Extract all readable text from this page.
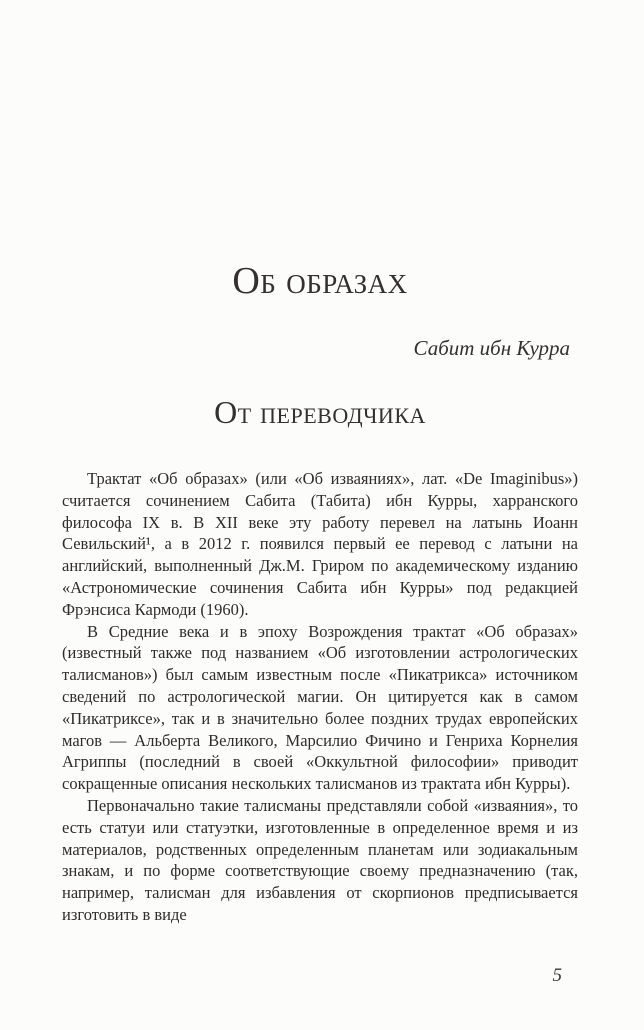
Об образах
Сабит ибн Курра
От переводчика

Трактат «Об образах» (или «Об изваяниях», лат. «De Imaginibus») считается сочинением Сабита (Табита) ибн Курры, харранского философа IX в. В XII веке эту работу перевел на латынь Иоанн Севильский¹, а в 2012 г. появился первый ее перевод с латыни на английский, выполненный Дж.М. Гриром по академическому изданию «Астрономические сочинения Сабита ибн Курры» под редакцией Фрэнсиса Кармоди (1960).

В Средние века и в эпоху Возрождения трактат «Об образах» (известный также под названием «Об изготовлении астрологических талисманов») был самым известным после «Пикатрикса» источником сведений по астрологической магии. Он цитируется как в самом «Пикатриксе», так и в значительно более поздних трудах европейских магов — Альберта Великого, Марсилио Фичино и Генриха Корнелия Агриппы (последний в своей «Оккультной философии» приводит сокращенные описания нескольких талисманов из трактата ибн Курры).

Первоначально такие талисманы представляли собой «изваяния», то есть статуи или статуэтки, изготовленные в определенное время и из материалов, родственных определенным планетам или зодиакальным знакам, и по форме соответствующие своему предназначению (так, например, талисман для избавления от скорпионов предписывается изготовить в виде

5
